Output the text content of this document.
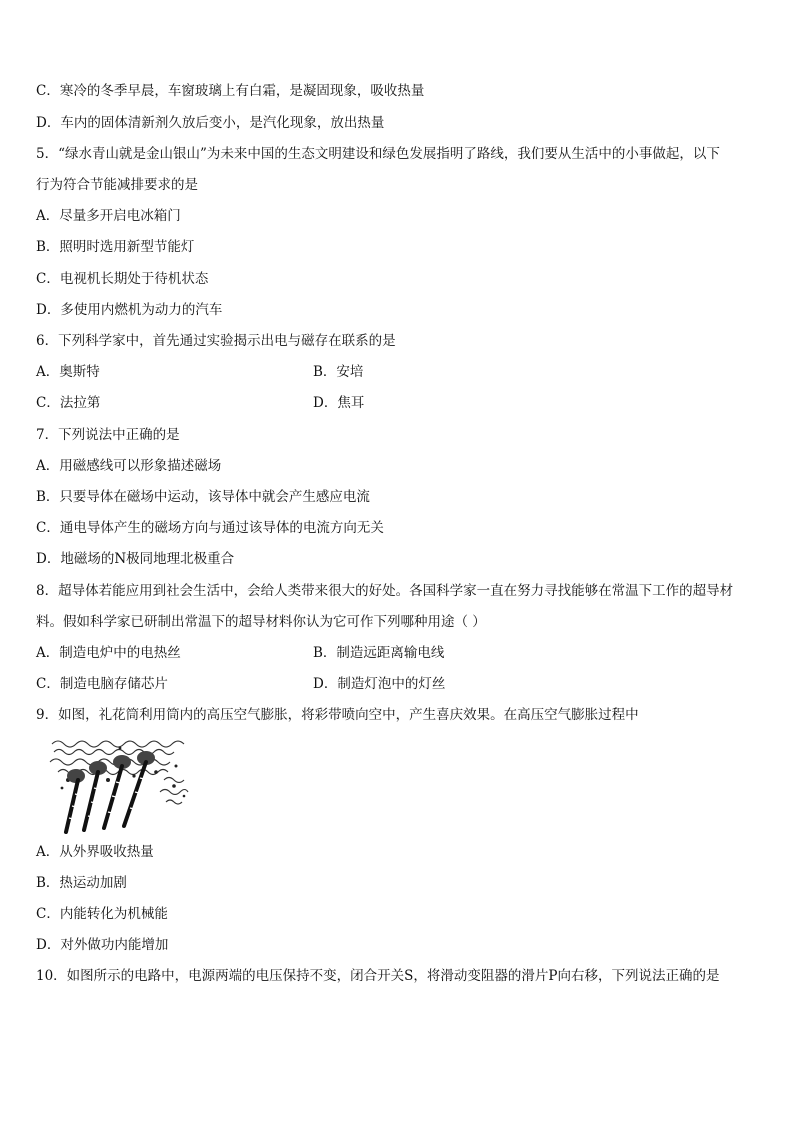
C．寒冷的冬季早晨，车窗玻璃上有白霜，是凝固现象，吸收热量
D．车内的固体清新剂久放后变小，是汽化现象，放出热量
5．“绿水青山就是金山银山”为未来中国的生态文明建设和绿色发展指明了路线，我们要从生活中的小事做起，以下
行为符合节能减排要求的是
A．尽量多开启电冰箱门
B．照明时选用新型节能灯
C．电视机长期处于待机状态
D．多使用内燃机为动力的汽车
6．下列科学家中，首先通过实验揭示出电与磁存在联系的是
A．奥斯特	B．安培
C．法拉第	D．焦耳
7．下列说法中正确的是
A．用磁感线可以形象描述磁场
B．只要导体在磁场中运动，该导体中就会产生感应电流
C．通电导体产生的磁场方向与通过该导体的电流方向无关
D．地磁场的N极同地理北极重合
8．超导体若能应用到社会生活中，会给人类带来很大的好处。各国科学家一直在努力寻找能够在常温下工作的超导材
料。假如科学家已研制出常温下的超导材料你认为它可作下列哪种用途（ ）
A．制造电炉中的电热丝	B．制造远距离输电线
C．制造电脑存储芯片	D．制造灯泡中的灯丝
9．如图，礼花筒利用筒内的高压空气膨胀，将彩带喷向空中，产生喜庆效果。在高压空气膨胀过程中
A．从外界吸收热量
B．热运动加剧
C．内能转化为机械能
D．对外做功内能增加
10．如图所示的电路中，电源两端的电压保持不变，闭合开关S，将滑动变阻器的滑片P向右移，下列说法正确的是
